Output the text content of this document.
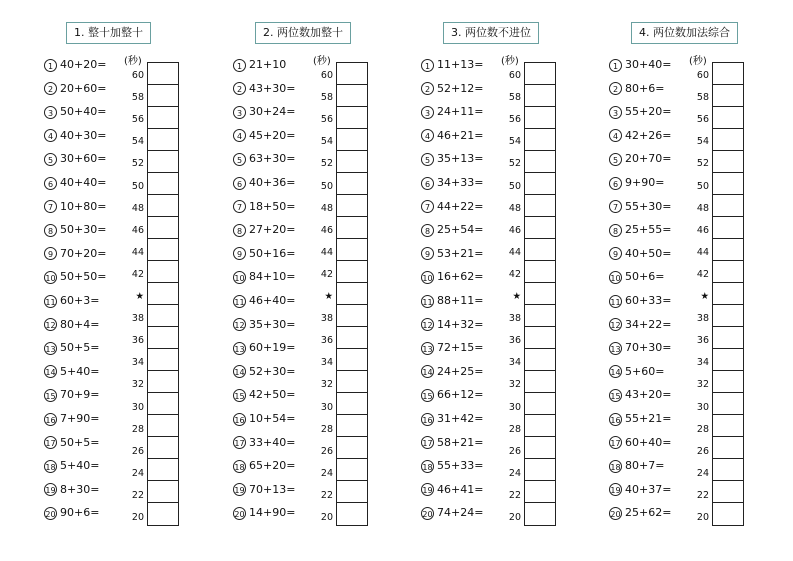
1. 整十加整十
1 40+20=
2 20+60=
3 50+40=
4 40+30=
5 30+60=
6 40+40=
7 10+80=
8 50+30=
9 70+20=
10 50+50=
11 60+3=
12 80+4=
13 50+5=
14 5+40=
15 70+9=
16 7+90=
17 50+5=
18 5+40=
19 8+30=
20 90+6=
(秒)
60
58
56
54
52
50
48
46
44
42
★
38
36
34
32
30
28
26
24
22
20
2. 两位数加整十
1 21+10
2 43+30=
3 30+24=
4 45+20=
5 63+30=
6 40+36=
7 18+50=
8 27+20=
9 50+16=
10 84+10=
11 46+40=
12 35+30=
13 60+19=
14 52+30=
15 42+50=
16 10+54=
17 33+40=
18 65+20=
19 70+13=
20 14+90=
(秒)
60
58
56
54
52
50
48
46
44
42
★
38
36
34
32
30
28
26
24
22
20
3. 两位数不进位
1 11+13=
2 52+12=
3 24+11=
4 46+21=
5 35+13=
6 34+33=
7 44+22=
8 25+54=
9 53+21=
10 16+62=
11 88+11=
12 14+32=
13 72+15=
14 24+25=
15 66+12=
16 31+42=
17 58+21=
18 55+33=
19 46+41=
20 74+24=
(秒)
60
58
56
54
52
50
48
46
44
42
★
38
36
34
32
30
28
26
24
22
20
4. 两位数加法综合
1 30+40=
2 80+6=
3 55+20=
4 42+26=
5 20+70=
6 9+90=
7 55+30=
8 25+55=
9 40+50=
10 50+6=
11 60+33=
12 34+22=
13 70+30=
14 5+60=
15 43+20=
16 55+21=
17 60+40=
18 80+7=
19 40+37=
20 25+62=
(秒)
60
58
56
54
52
50
48
46
44
42
★
38
36
34
32
30
28
26
24
22
20
